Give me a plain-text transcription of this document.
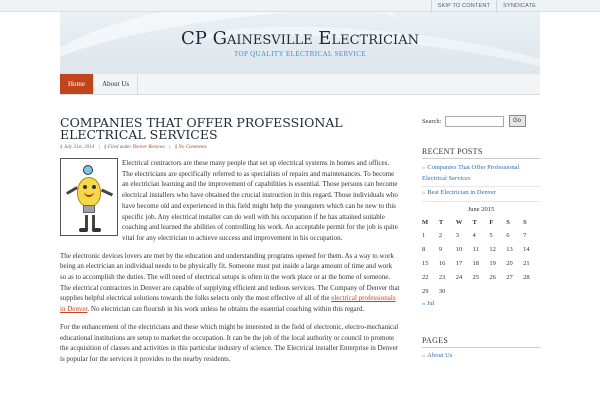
SKIP TO CONTENT	SYNDICATE
CP Gainesville Electrician
TOP QUALITY ELECTRICAL SERVICE
Home	About Us
COMPANIES THAT OFFER PROFESSIONAL
ELECTRICAL SERVICES
§ July 31st, 2014 | § Filed under Denver Reviews | § No Comments

Electrical contractors are these many people that set up electrical systems in homes and offices. The electricians are specifically referred to as specialists of repairs and maintenances. To become an electrician learning and the improvement of capabilities is essential. Those persons can become electrical installers who have obtained the crucial instruction in this regard. Those individuals who have become old and experienced in this field might help the youngsters which can be new to this specific job. Any electrical installer can do well with his occupation if he has attained suitable coaching and learned the abilities of controlling his work. An acceptable permit for the job is quite vital for any electrician to achieve success and improvement in his occupation.

The electronic devices lovers are met by the education and understanding programs opened for them. As a way to work being an electrician an individual needs to be physically fit. Someone must put inside a large amount of time and work so as to accomplish the duties. The will need of electrical setups is often in the work place or at the home of someone. The electrical contractors in Denver are capable of supplying efficient and tedious services. The Company of Denver that supplies helpful electrical solutions towards the folks selects only the most effective of all of the electrical professionals in Denver. No electrician can flourish in his work unless he obtains the essential coaching within this regard.

For the enhancement of the electricians and these which might be interested in the field of electronic, electro-mechanical educational institutions are setup to market the occupation. It can be the job of the local authority or council to promote the acquisition of classes and activities in this particular industry of science. The Electrical installer Enterprise in Denver is popular for the services it provides to the nearby residents.

Search:	Go
RECENT POSTS
» Companies That Offer Professional Electrical Services
» Best Electrician in Denver
June 2015
M	T	W	T	F	S	S
1	2	3	4	5	6	7
8	9	10	11	12	13	14
15	16	17	18	19	20	21
22	23	24	25	26	27	28
29	30					
« Jul
PAGES
» About Us
